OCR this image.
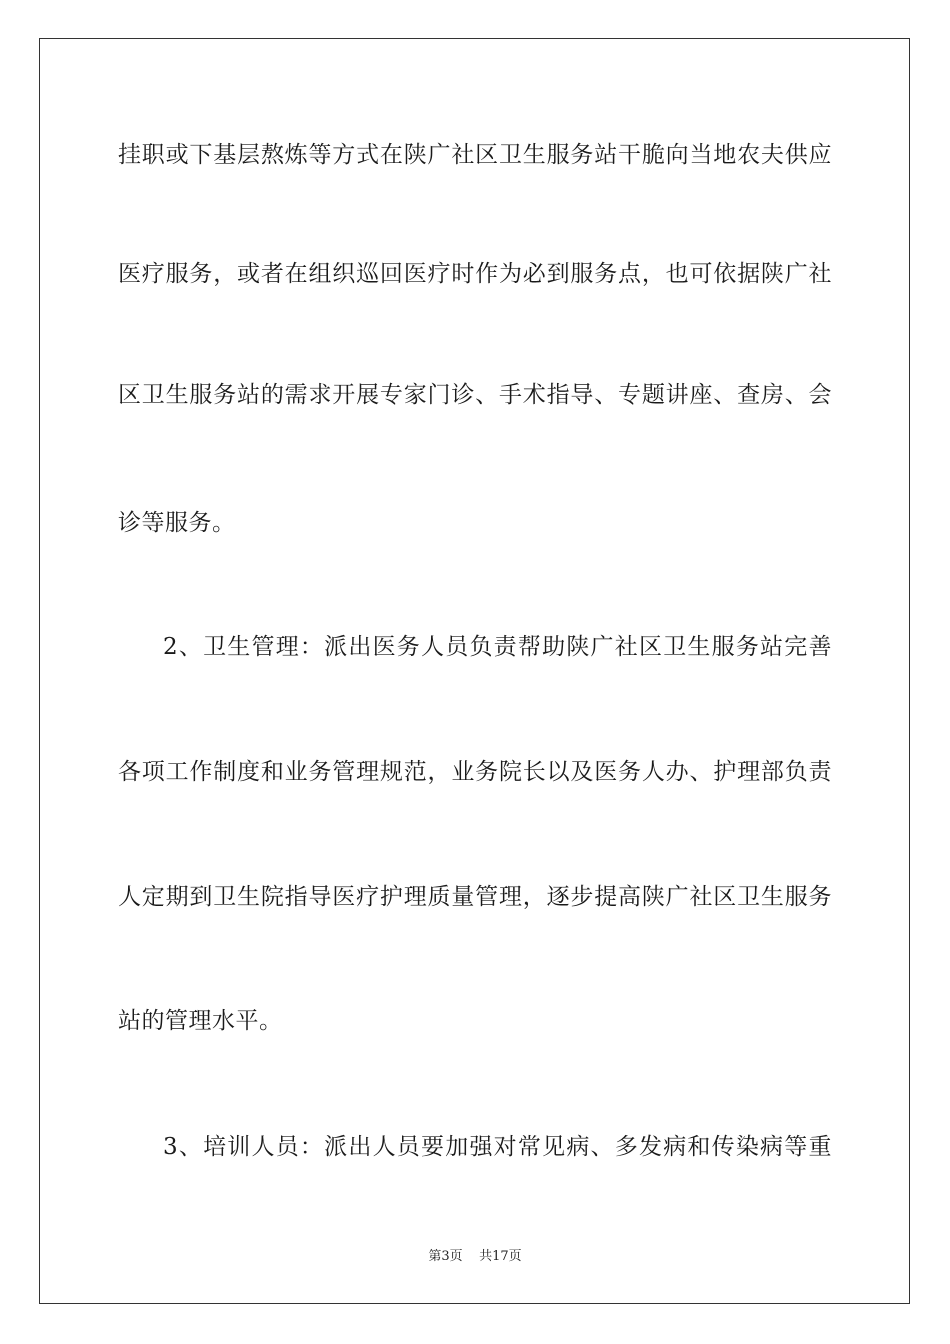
挂职或下基层熬炼等方式在陕广社区卫生服务站干脆向当地农夫供应
医疗服务，或者在组织巡回医疗时作为必到服务点，也可依据陕广社
区卫生服务站的需求开展专家门诊、手术指导、专题讲座、查房、会
诊等服务。
2、卫生管理：派出医务人员负责帮助陕广社区卫生服务站完善
各项工作制度和业务管理规范，业务院长以及医务人办、护理部负责
人定期到卫生院指导医疗护理质量管理，逐步提高陕广社区卫生服务
站的管理水平。
3、培训人员：派出人员要加强对常见病、多发病和传染病等重
第3页 共17页
